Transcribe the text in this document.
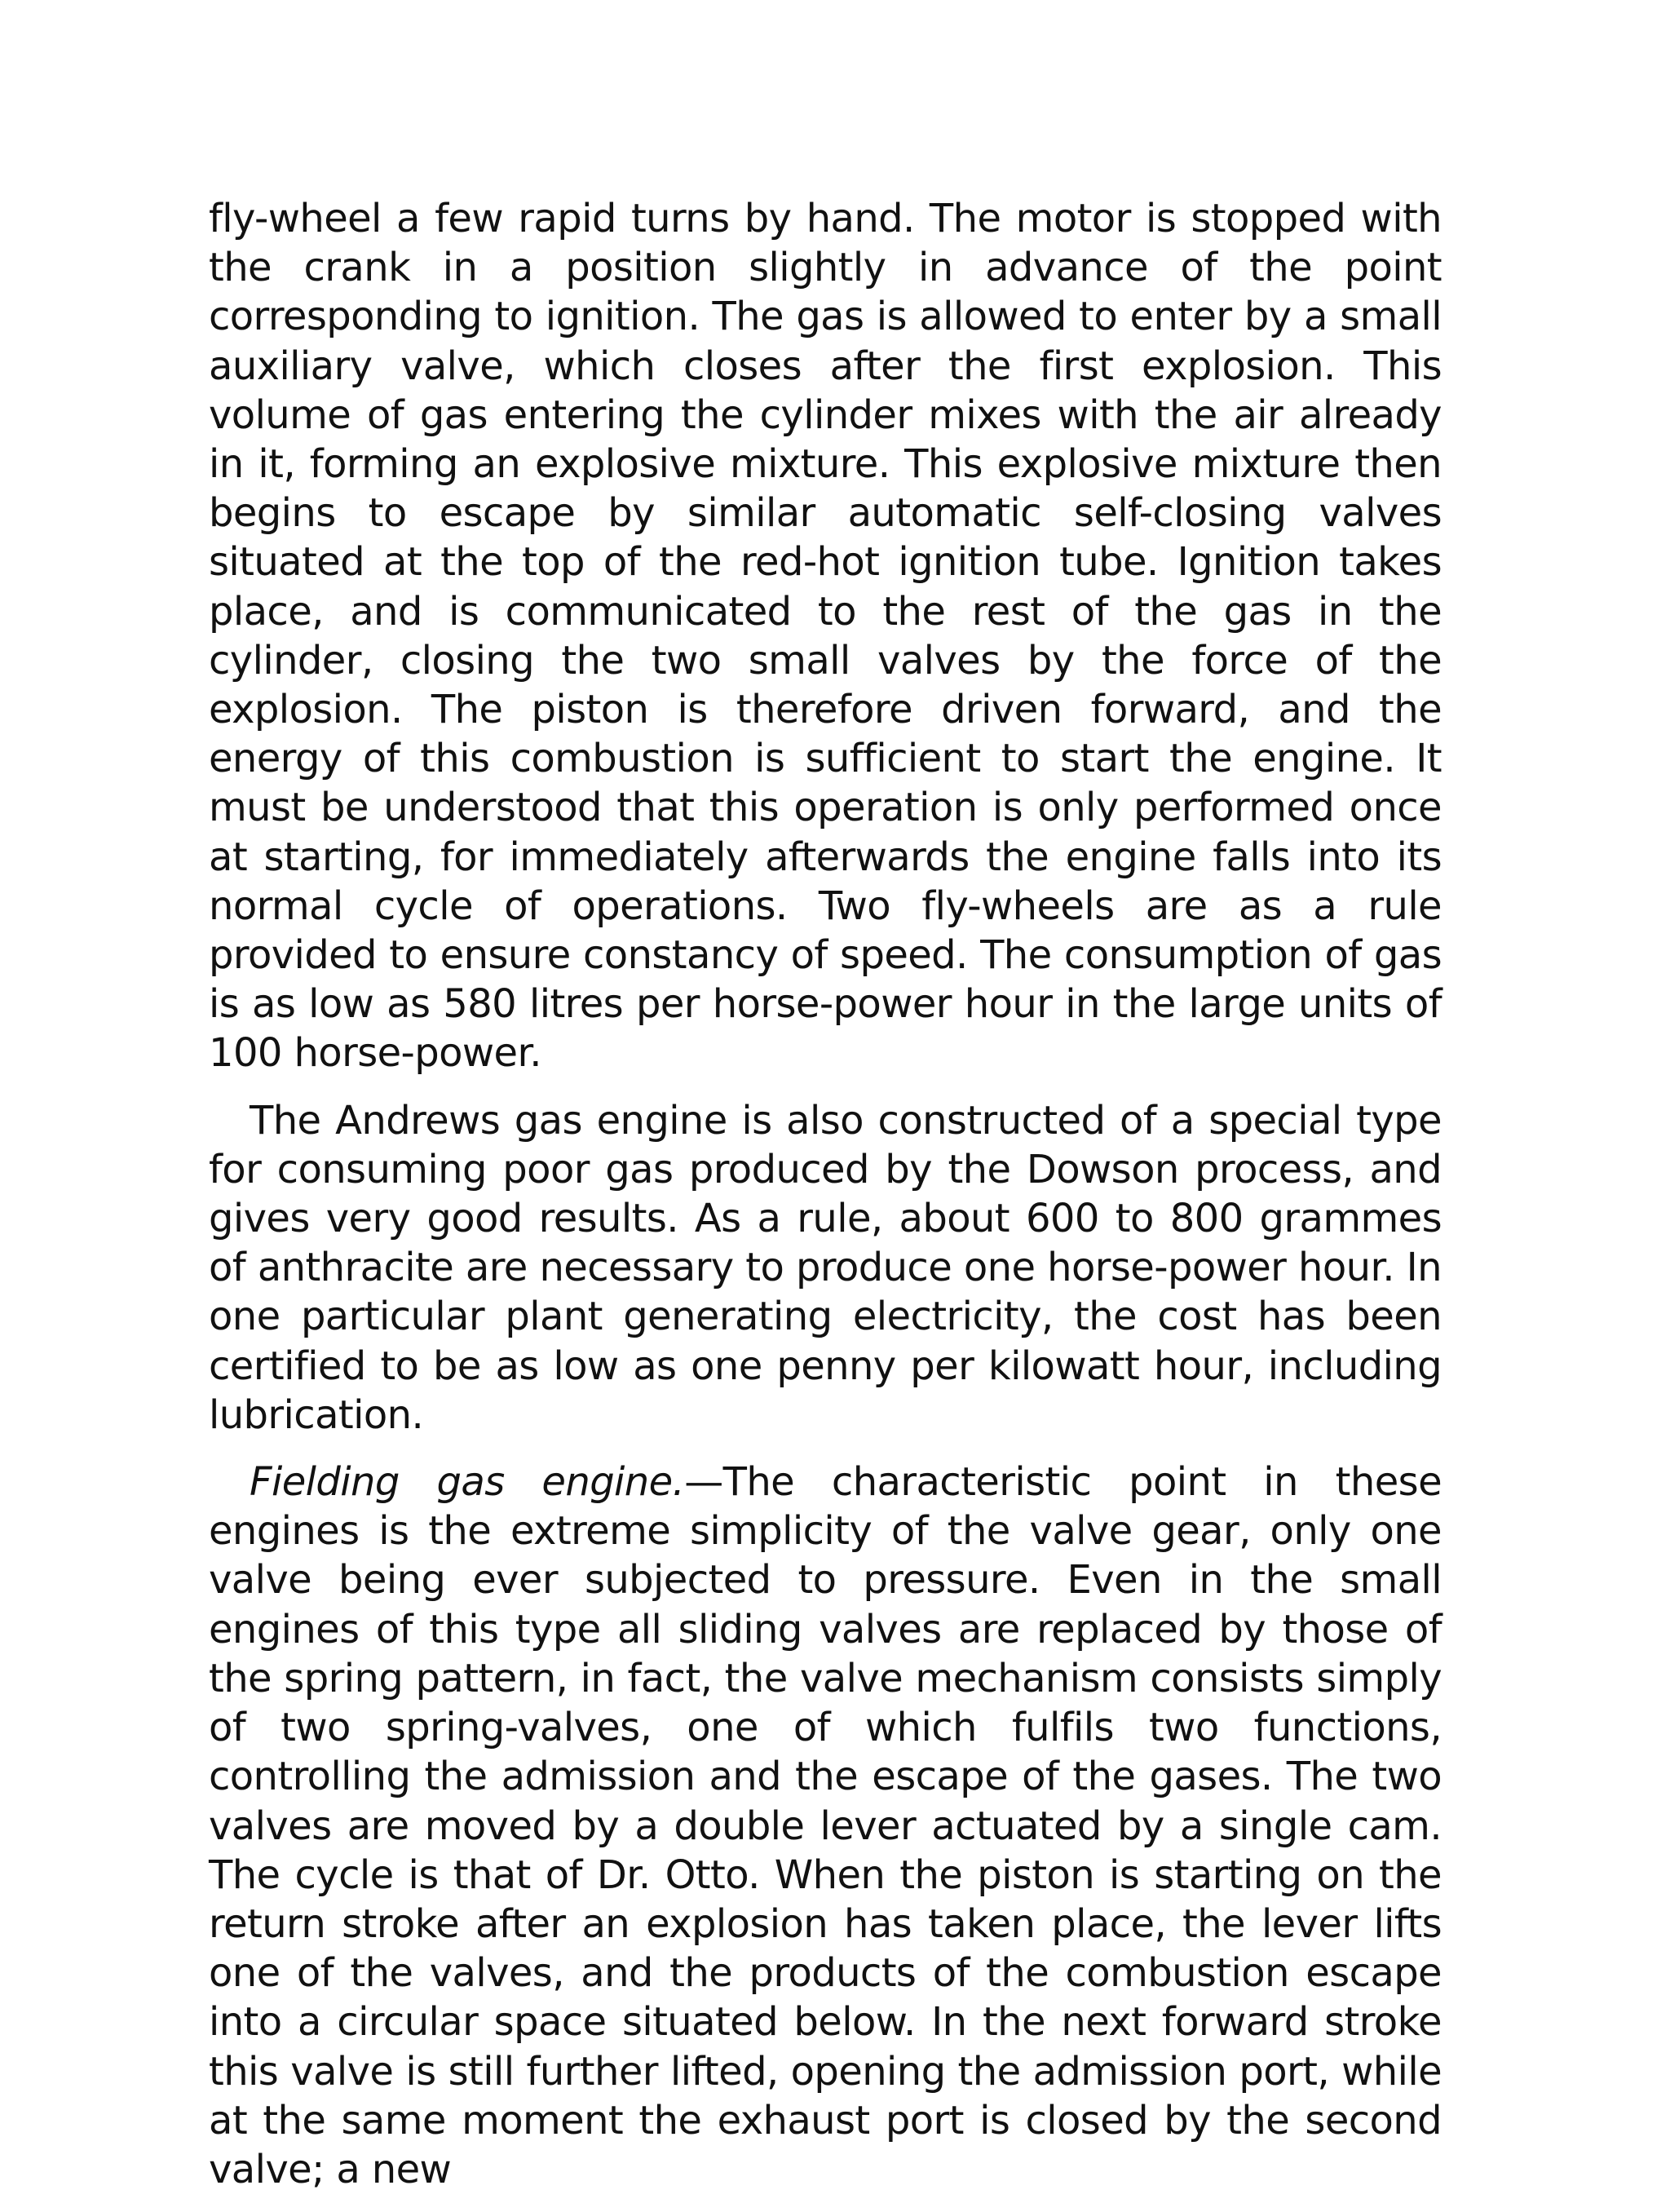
fly-wheel a few rapid turns by hand. The motor is stopped with the crank in a position slightly in advance of the point corresponding to ignition. The gas is allowed to enter by a small auxiliary valve, which closes after the first explosion. This volume of gas entering the cylinder mixes with the air already in it, forming an explosive mixture. This explosive mixture then begins to escape by similar automatic self-closing valves situated at the top of the red-hot ignition tube. Ignition takes place, and is communicated to the rest of the gas in the cylinder, closing the two small valves by the force of the explosion. The piston is therefore driven forward, and the energy of this combustion is sufficient to start the engine. It must be understood that this operation is only performed once at starting, for immediately afterwards the engine falls into its normal cycle of operations. Two fly-wheels are as a rule provided to ensure constancy of speed. The consumption of gas is as low as 580 litres per horse-power hour in the large units of 100 horse-power.

The Andrews gas engine is also constructed of a special type for consuming poor gas produced by the Dowson process, and gives very good results. As a rule, about 600 to 800 grammes of anthracite are necessary to produce one horse-power hour. In one particular plant generating electricity, the cost has been certified to be as low as one penny per kilowatt hour, including lubrication.

Fielding gas engine.—The characteristic point in these engines is the extreme simplicity of the valve gear, only one valve being ever subjected to pressure. Even in the small engines of this type all sliding valves are replaced by those of the spring pattern, in fact, the valve mechanism consists simply of two spring-valves, one of which fulfils two functions, controlling the admission and the escape of the gases. The two valves are moved by a double lever actuated by a single cam. The cycle is that of Dr. Otto. When the piston is starting on the return stroke after an explosion has taken place, the lever lifts one of the valves, and the products of the combustion escape into a circular space situated below. In the next forward stroke this valve is still further lifted, opening the admission port, while at the same moment the exhaust port is closed by the second valve; a new
